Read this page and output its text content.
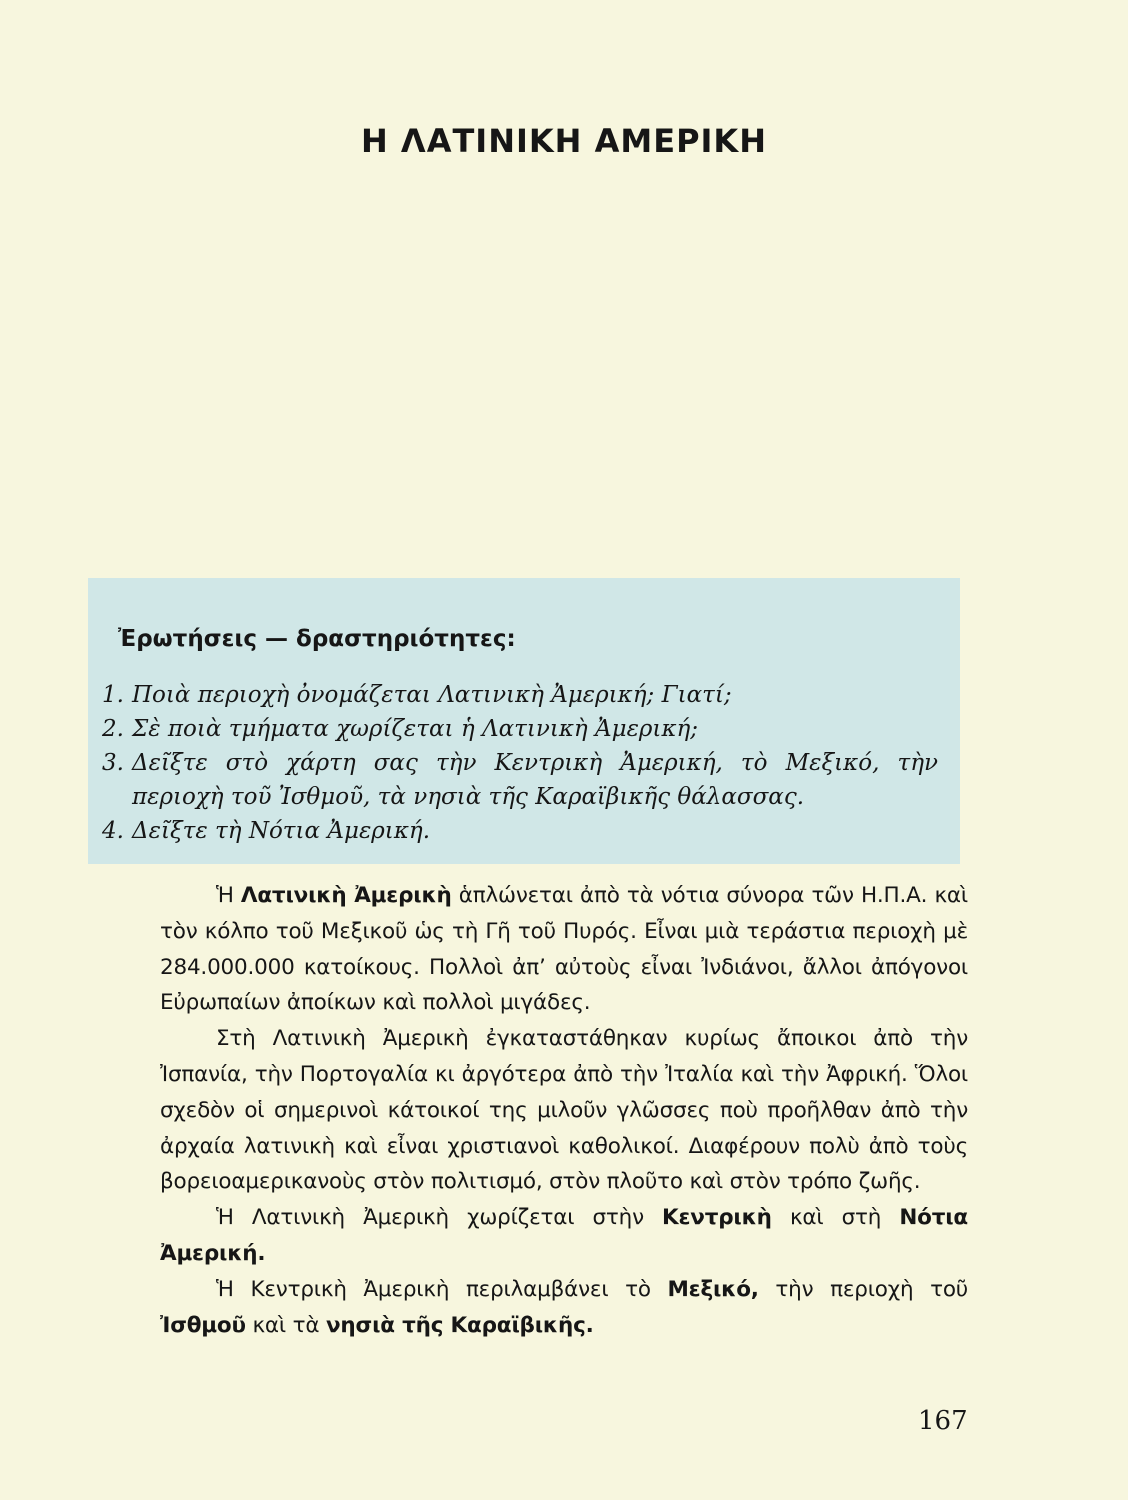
Η ΛΑΤΙΝΙΚΗ ΑΜΕΡΙΚΗ
Ἐρωτήσεις — δραστηριότητες:
1. Ποιὰ περιοχὴ ὀνομάζεται Λατινικὴ Ἀμερική; Γιατί;
2. Σὲ ποιὰ τμήματα χωρίζεται ἡ Λατινικὴ Ἀμερική;
3. Δεῖξτε στὸ χάρτη σας τὴν Κεντρικὴ Ἀμερική, τὸ Μεξικό, τὴν περιοχὴ τοῦ Ἰσθμοῦ, τὰ νησιὰ τῆς Καραϊβικῆς θάλασσας.
4. Δεῖξτε τὴ Νότια Ἀμερική.

Ἡ Λατινικὴ Ἀμερικὴ ἁπλώνεται ἀπὸ τὰ νότια σύνορα τῶν Η.Π.Α. καὶ τὸν κόλπο τοῦ Μεξικοῦ ὡς τὴ Γῆ τοῦ Πυρός. Εἶναι μιὰ τεράστια περιοχὴ μὲ 284.000.000 κατοίκους. Πολλοὶ ἀπ’ αὐτοὺς εἶναι Ἰνδιάνοι, ἄλλοι ἀπόγονοι Εὐρωπαίων ἀποίκων καὶ πολλοὶ μιγάδες.

Στὴ Λατινικὴ Ἀμερικὴ ἐγκαταστάθηκαν κυρίως ἄποικοι ἀπὸ τὴν Ἰσπανία, τὴν Πορτογαλία κι ἀργότερα ἀπὸ τὴν Ἰταλία καὶ τὴν Ἀφρική. Ὅλοι σχεδὸν οἱ σημερινοὶ κάτοικοί της μιλοῦν γλῶσσες ποὺ προῆλθαν ἀπὸ τὴν ἀρχαία λατινικὴ καὶ εἶναι χριστιανοὶ καθολικοί. Διαφέρουν πολὺ ἀπὸ τοὺς βορειοαμερικανοὺς στὸν πολιτισμό, στὸν πλοῦτο καὶ στὸν τρόπο ζωῆς.

Ἡ Λατινικὴ Ἀμερικὴ χωρίζεται στὴν Κεντρικὴ καὶ στὴ Νότια Ἀμερική.

Ἡ Κεντρικὴ Ἀμερικὴ περιλαμβάνει τὸ Μεξικό, τὴν περιοχὴ τοῦ Ἰσθμοῦ καὶ τὰ νησιὰ τῆς Καραϊβικῆς.

167
